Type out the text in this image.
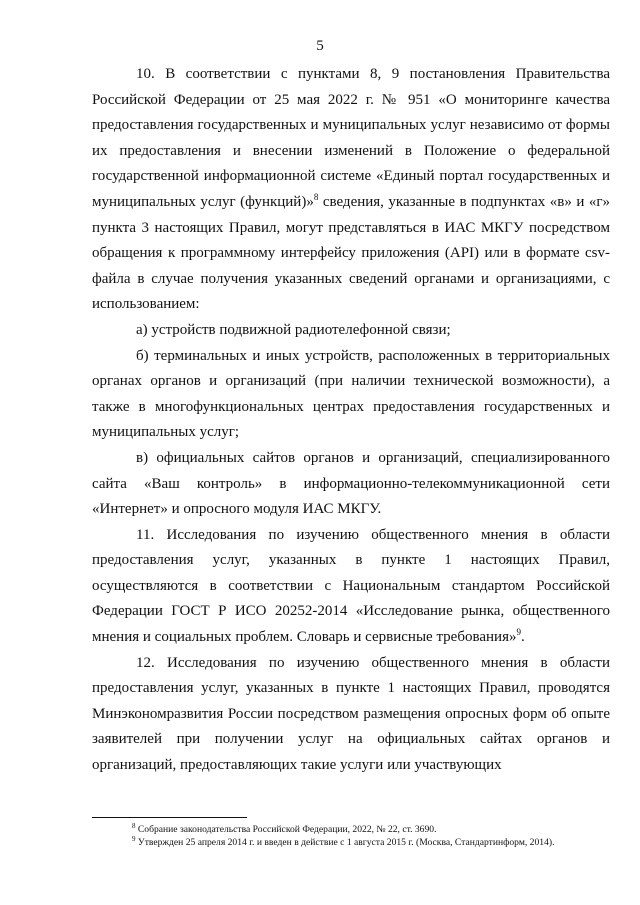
5

10. В соответствии с пунктами 8, 9 постановления Правительства Российской Федерации от 25 мая 2022 г. № 951 «О мониторинге качества предоставления государственных и муниципальных услуг независимо от формы их предоставления и внесении изменений в Положение о федеральной государственной информационной системе «Единый портал государственных и муниципальных услуг (функций)»$^8$ сведения, указанные в подпунктах «в» и «г» пункта 3 настоящих Правил, могут представляться в ИАС МКГУ посредством обращения к программному интерфейсу приложения (API) или в формате csv-файла в случае получения указанных сведений органами и организациями, с использованием:

а) устройств подвижной радиотелефонной связи;

б) терминальных и иных устройств, расположенных в территориальных органах органов и организаций (при наличии технической возможности), а также в многофункциональных центрах предоставления государственных и муниципальных услуг;

в) официальных сайтов органов и организаций, специализированного сайта «Ваш контроль» в информационно-телекоммуникационной сети «Интернет» и опросного модуля ИАС МКГУ.

11. Исследования по изучению общественного мнения в области предоставления услуг, указанных в пункте 1 настоящих Правил, осуществляются в соответствии с Национальным стандартом Российской Федерации ГОСТ Р ИСО 20252-2014 «Исследование рынка, общественного мнения и социальных проблем. Словарь и сервисные требования»$^9$.

12. Исследования по изучению общественного мнения в области предоставления услуг, указанных в пункте 1 настоящих Правил, проводятся Минэкономразвития России посредством размещения опросных форм об опыте заявителей при получении услуг на официальных сайтах органов и организаций, предоставляющих такие услуги или участвующих

$^8$ Собрание законодательства Российской Федерации, 2022, № 22, ст. 3690.
$^9$ Утвержден 25 апреля 2014 г. и введен в действие с 1 августа 2015 г. (Москва, Стандартинформ, 2014).
